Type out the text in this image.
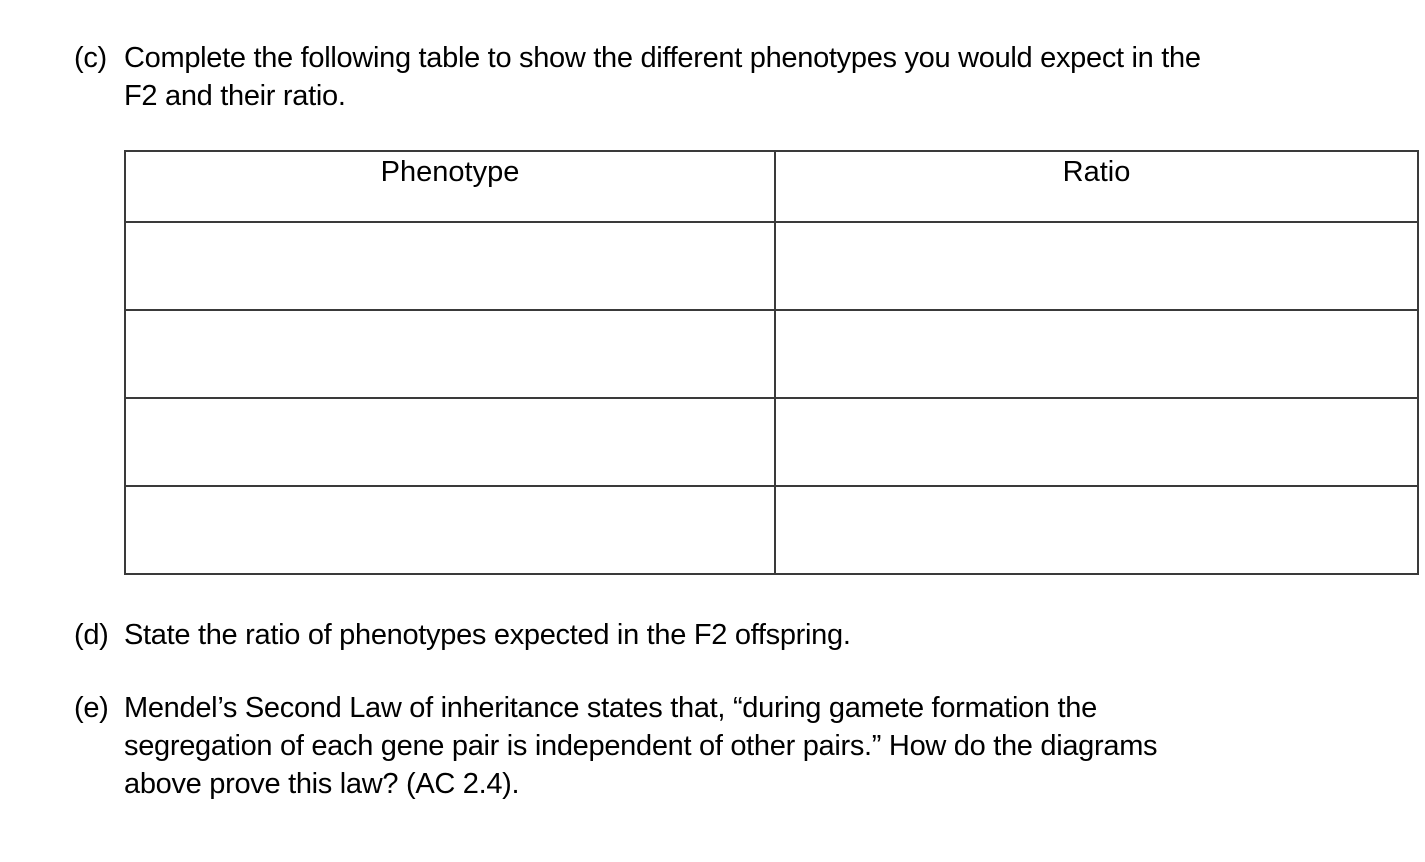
(c) Complete the following table to show the different phenotypes you would expect in the
F2 and their ratio.
Phenotype	Ratio

(d) State the ratio of phenotypes expected in the F2 offspring.
(e) Mendel’s Second Law of inheritance states that, “during gamete formation the
segregation of each gene pair is independent of other pairs.” How do the diagrams
above prove this law? (AC 2.4).
